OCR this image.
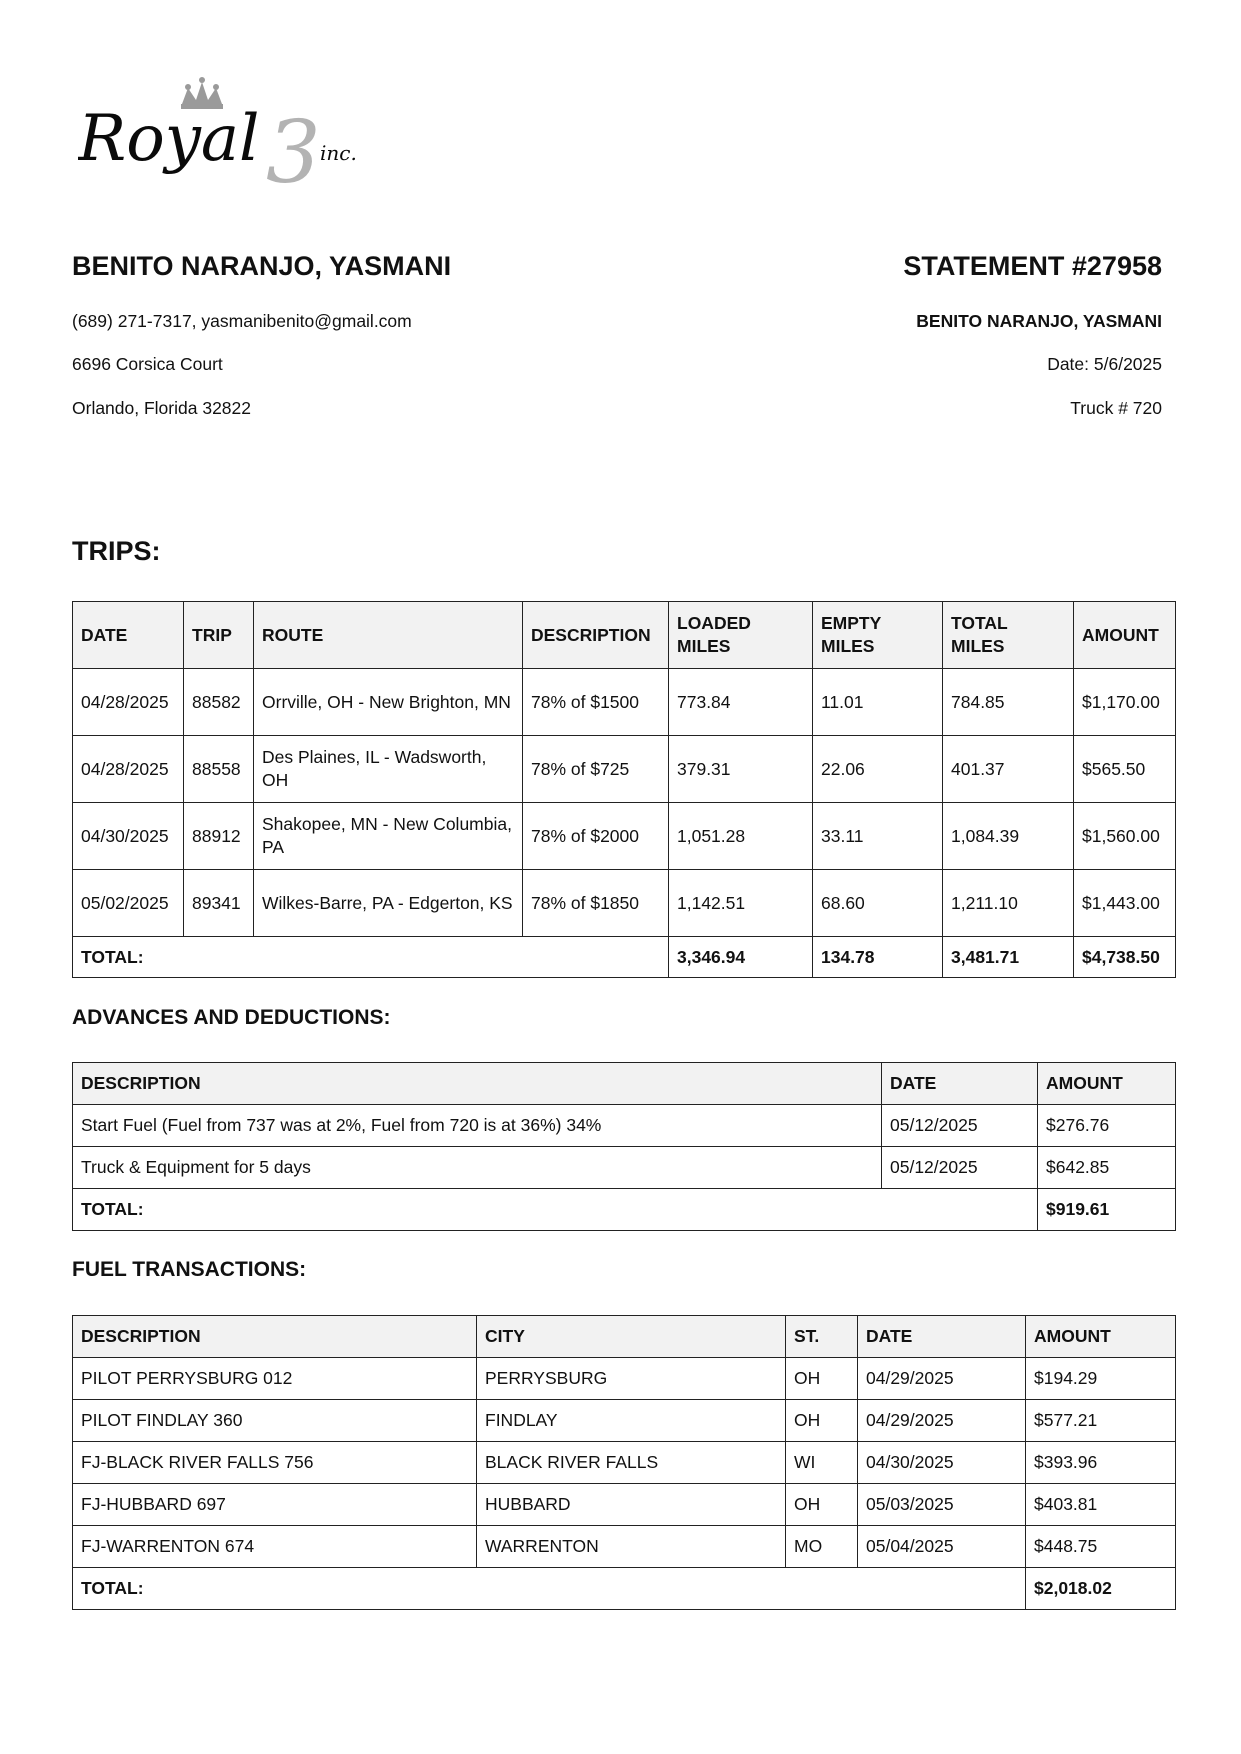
3
Royal	inc.
BENITO NARANJO, YASMANI
(689) 271-7317, yasmanibenito@gmail.com
6696 Corsica Court
Orlando, Florida 32822
STATEMENT #27958
BENITO NARANJO, YASMANI
Date: 5/6/2025
Truck # 720
TRIPS:
DATE	TRIP	ROUTE	DESCRIPTION	LOADED MILES	EMPTY MILES	TOTAL MILES	AMOUNT
04/28/2025	88582	Orrville, OH - New Brighton, MN	78% of $1500	773.84	11.01	784.85	$1,170.00
04/28/2025	88558	Des Plaines, IL - Wadsworth, OH	78% of $725	379.31	22.06	401.37	$565.50
04/30/2025	88912	Shakopee, MN - New Columbia, PA	78% of $2000	1,051.28	33.11	1,084.39	$1,560.00
05/02/2025	89341	Wilkes-Barre, PA - Edgerton, KS	78% of $1850	1,142.51	68.60	1,211.10	$1,443.00
TOTAL:				3,346.94	134.78	3,481.71	$4,738.50
ADVANCES AND DEDUCTIONS:
DESCRIPTION	DATE	AMOUNT
Start Fuel (Fuel from 737 was at 2%, Fuel from 720 is at 36%) 34%	05/12/2025	$276.76
Truck & Equipment for 5 days	05/12/2025	$642.85
TOTAL:		$919.61
FUEL TRANSACTIONS:
DESCRIPTION	CITY	ST.	DATE	AMOUNT
PILOT PERRYSBURG 012	PERRYSBURG	OH	04/29/2025	$194.29
PILOT FINDLAY 360	FINDLAY	OH	04/29/2025	$577.21
FJ-BLACK RIVER FALLS 756	BLACK RIVER FALLS	WI	04/30/2025	$393.96
FJ-HUBBARD 697	HUBBARD	OH	05/03/2025	$403.81
FJ-WARRENTON 674	WARRENTON	MO	05/04/2025	$448.75
TOTAL:				$2,018.02
